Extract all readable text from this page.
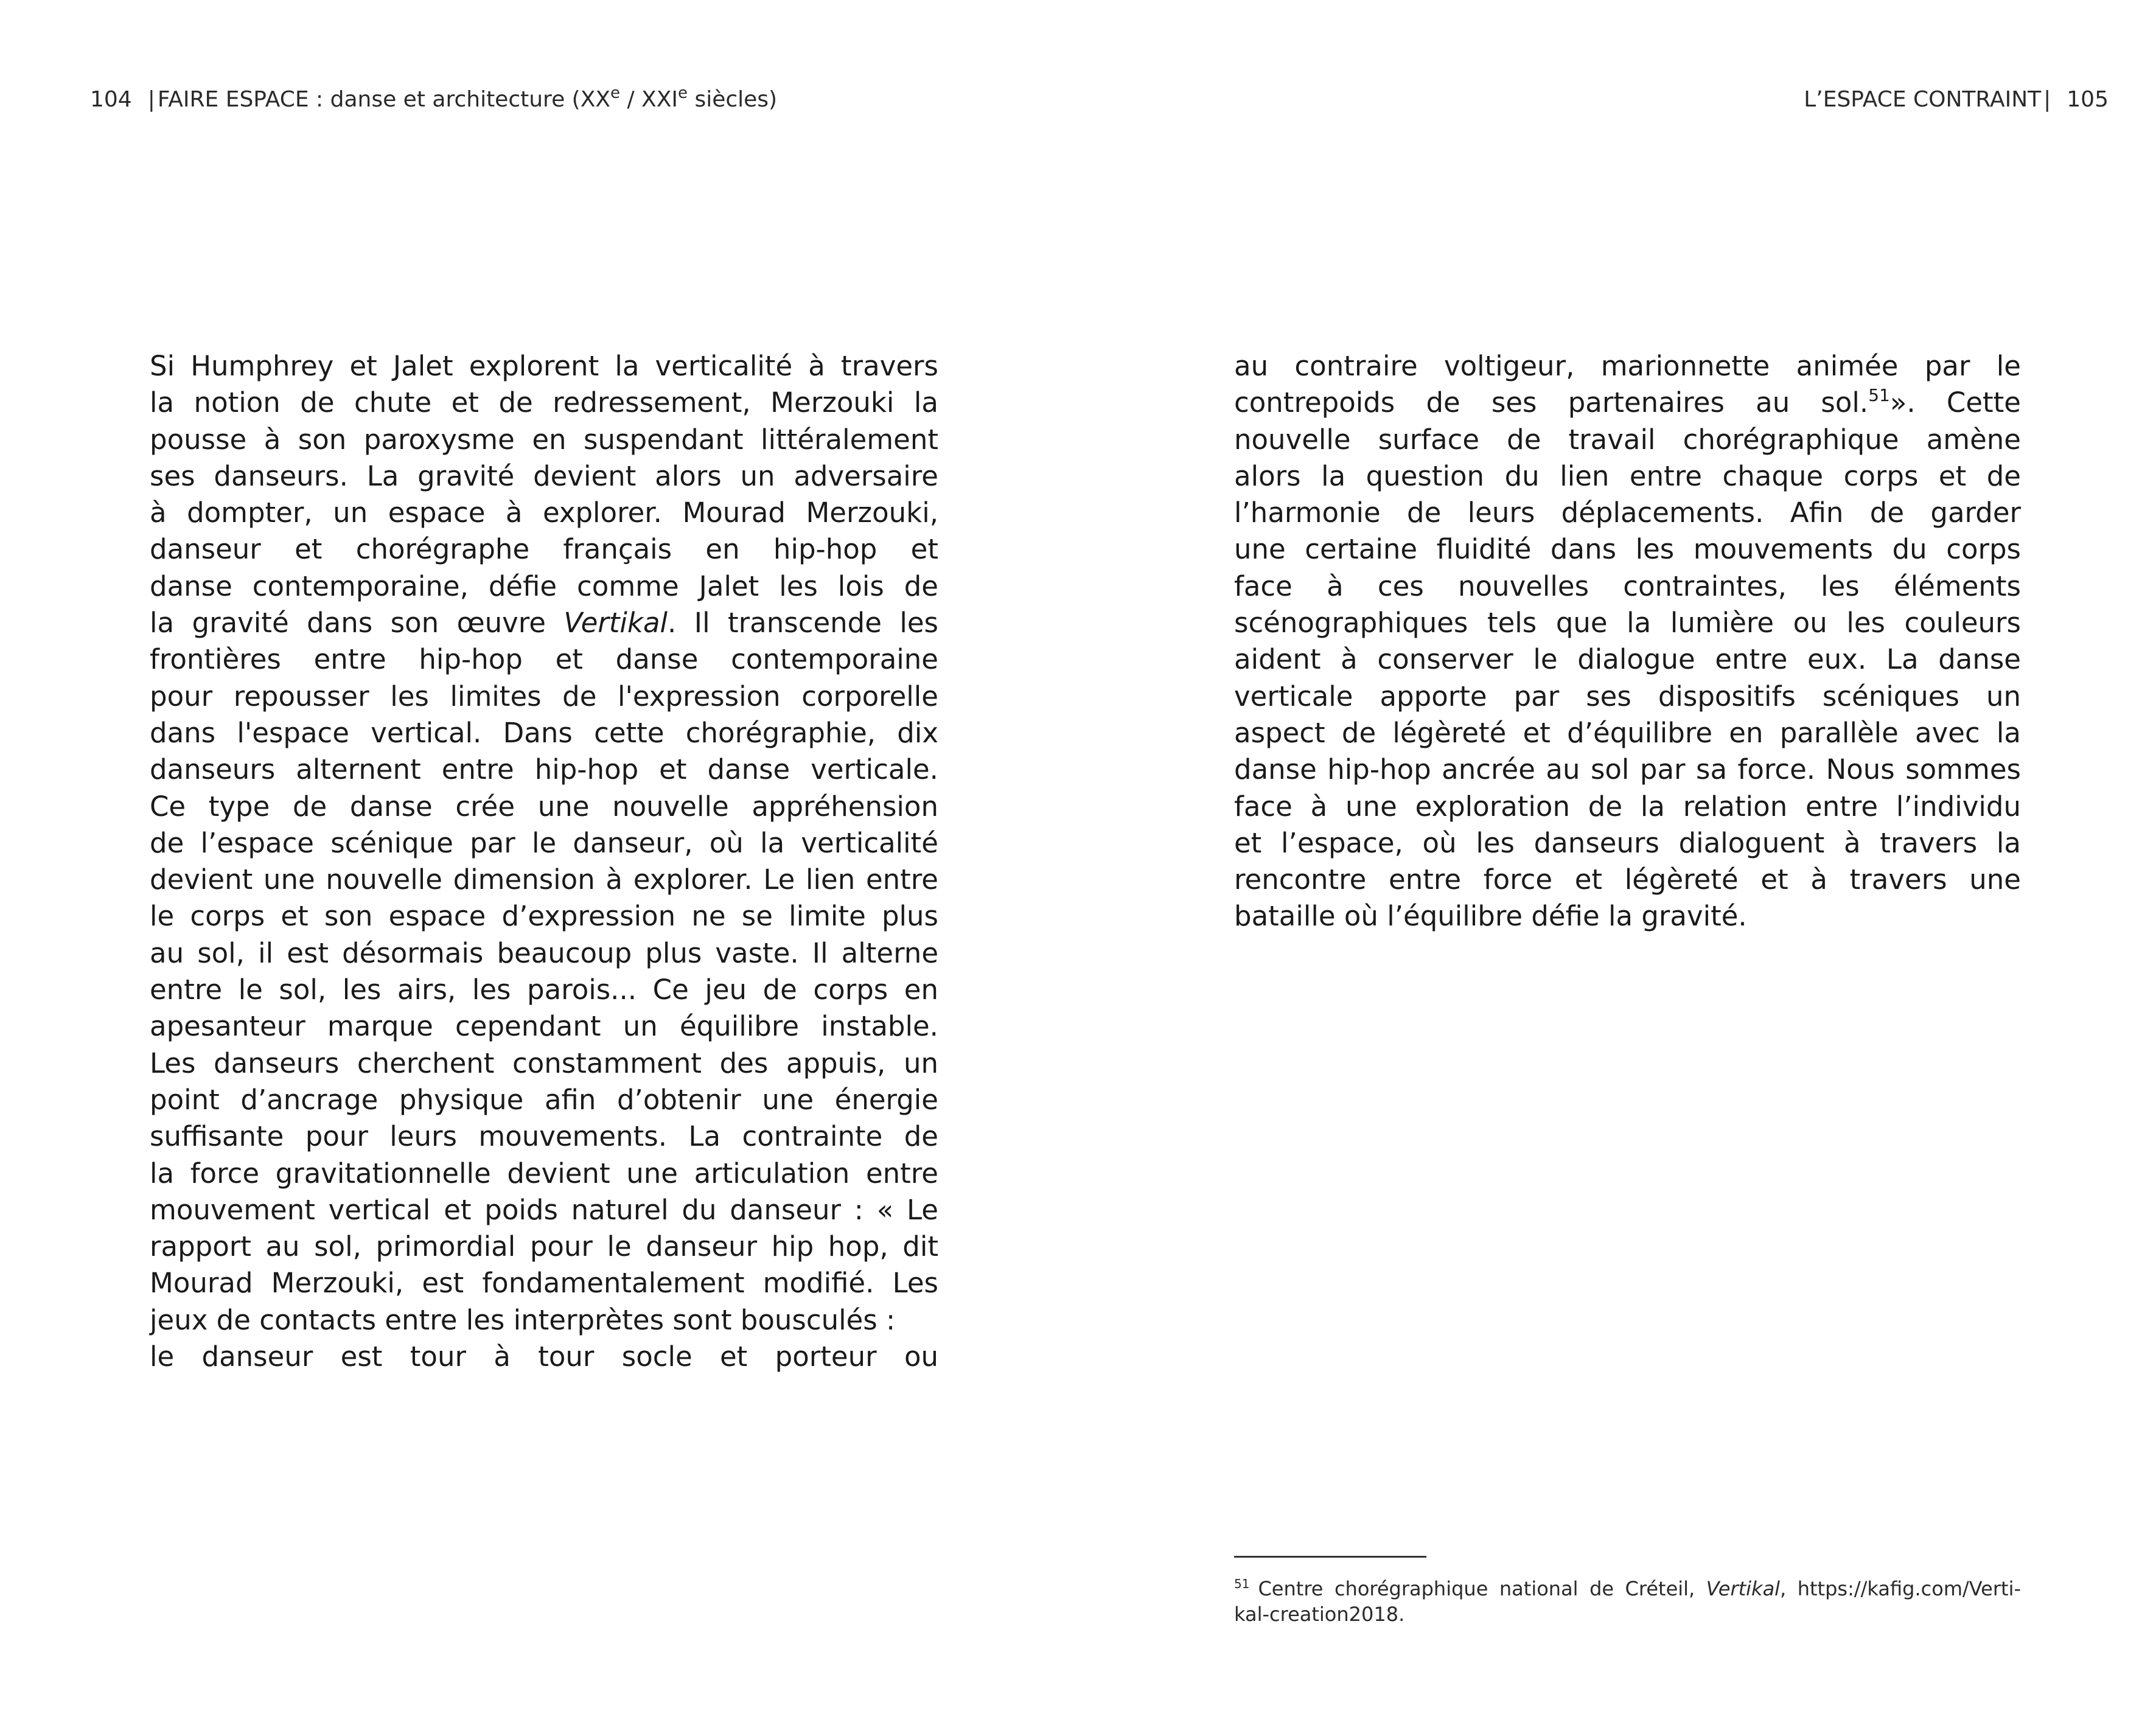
104 | FAIRE ESPACE : danse et architecture (XXe / XXIe siècles)	L’ESPACE CONTRAINT | 105
Si Humphrey et Jalet explorent la verticalité à travers
la notion de chute et de redressement, Merzouki la
pousse à son paroxysme en suspendant littéralement
ses danseurs. La gravité devient alors un adversaire
à dompter, un espace à explorer. Mourad Merzouki,
danseur et chorégraphe français en hip-hop et
danse contemporaine, défie comme Jalet les lois de
la gravité dans son œuvre Vertikal. Il transcende les
frontières entre hip-hop et danse contemporaine
pour repousser les limites de l'expression corporelle
dans l'espace vertical. Dans cette chorégraphie, dix
danseurs alternent entre hip-hop et danse verticale.
Ce type de danse crée une nouvelle appréhension
de l’espace scénique par le danseur, où la verticalité
devient une nouvelle dimension à explorer. Le lien entre
le corps et son espace d’expression ne se limite plus
au sol, il est désormais beaucoup plus vaste. Il alterne
entre le sol, les airs, les parois... Ce jeu de corps en
apesanteur marque cependant un équilibre instable.
Les danseurs cherchent constamment des appuis, un
point d’ancrage physique afin d’obtenir une énergie
suffisante pour leurs mouvements. La contrainte de
la force gravitationnelle devient une articulation entre
mouvement vertical et poids naturel du danseur : « Le
rapport au sol, primordial pour le danseur hip hop, dit
Mourad Merzouki, est fondamentalement modifié. Les
jeux de contacts entre les interprètes sont bousculés :
le danseur est tour à tour socle et porteur ou
au contraire voltigeur, marionnette animée par le
contrepoids de ses partenaires au sol.$^{51}$». Cette
nouvelle surface de travail chorégraphique amène
alors la question du lien entre chaque corps et de
l’harmonie de leurs déplacements. Afin de garder
une certaine fluidité dans les mouvements du corps
face à ces nouvelles contraintes, les éléments
scénographiques tels que la lumière ou les couleurs
aident à conserver le dialogue entre eux. La danse
verticale apporte par ses dispositifs scéniques un
aspect de légèreté et d’équilibre en parallèle avec la
danse hip-hop ancrée au sol par sa force. Nous sommes
face à une exploration de la relation entre l’individu
et l’espace, où les danseurs dialoguent à travers la
rencontre entre force et légèreté et à travers une
bataille où l’équilibre défie la gravité.
$^{51}$ Centre chorégraphique national de Créteil, Vertikal, https://kafig.com/Verti-kal-creation2018.
